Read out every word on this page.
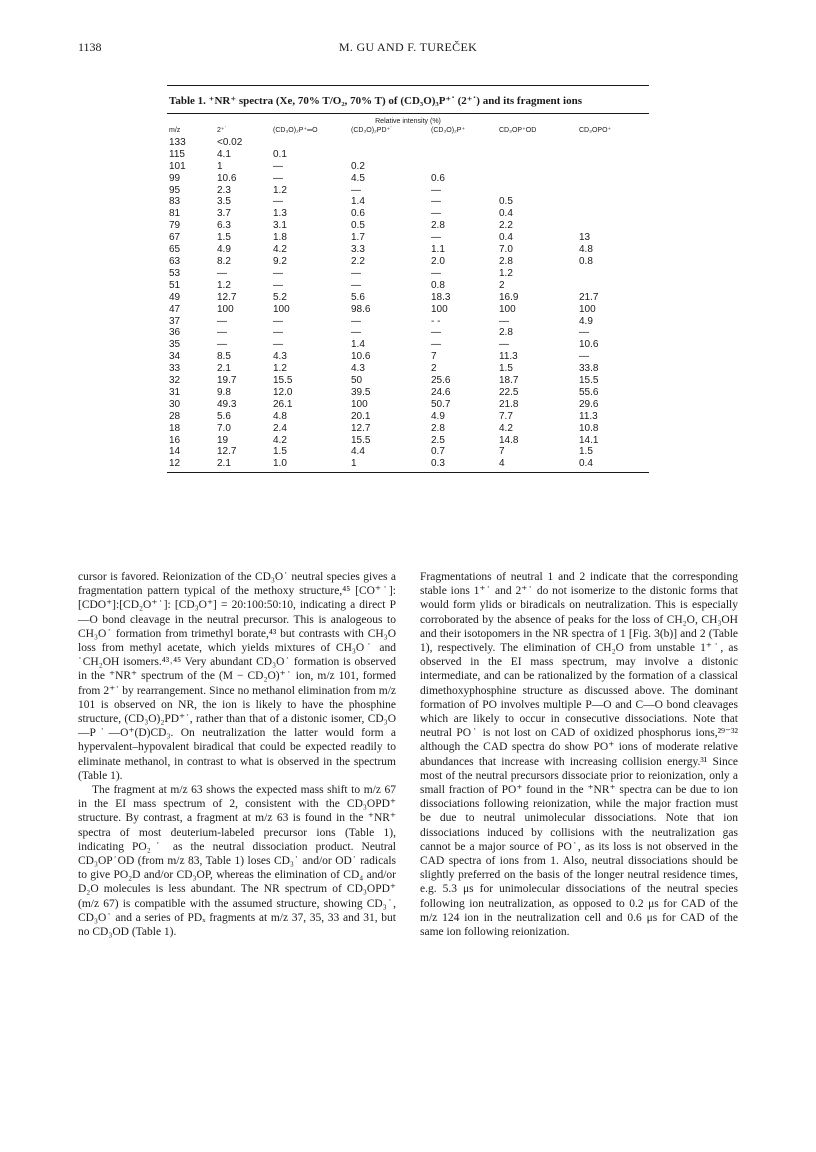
1138	M. GU AND F. TUREČEK
Table 1. ⁺NR⁺ spectra (Xe, 70% T/O₂, 70% T) of (CD₃O)₃P⁺˙ (2⁺˙) and its fragment ions
Relative intensity (%)
m/z	2⁺˙	(CD₃O)₂P⁺═O	(CD₃O)₂PD⁺˙	(CD₃O)₂P⁺	CD₃OP⁺OD	CD₃OPO⁺
133	<0.02					
115	4.1	0.1				
101	1	—	0.2			
99	10.6	—	4.5	0.6		
95	2.3	1.2	—	—		
83	3.5	—	1.4	—	0.5	
81	3.7	1.3	0.6	—	0.4	
79	6.3	3.1	0.5	2.8	2.2	
67	1.5	1.8	1.7	—	0.4	13
65	4.9	4.2	3.3	1.1	7.0	4.8
63	8.2	9.2	2.2	2.0	2.8	0.8
53	—	—	—	—	1.2	
51	1.2	—	—	0.8	2	
49	12.7	5.2	5.6	18.3	16.9	21.7
47	100	100	98.6	100	100	100
37	—	—	—	- -	—	4.9
36	—	—	—	—	2.8	—
35	—	—	1.4	—	—	10.6
34	8.5	4.3	10.6	7	11.3	—
33	2.1	1.2	4.3	2	1.5	33.8
32	19.7	15.5	50	25.6	18.7	15.5
31	9.8	12.0	39.5	24.6	22.5	55.6
30	49.3	26.1	100	50.7	21.8	29.6
28	5.6	4.8	20.1	4.9	7.7	11.3
18	7.0	2.4	12.7	2.8	4.2	10.8
16	19	4.2	15.5	2.5	14.8	14.1
14	12.7	1.5	4.4	0.7	7	1.5
12	2.1	1.0	1	0.3	4	0.4

cursor is favored. Reionization of the CD₃O˙ neutral species gives a fragmentation pattern typical of the methoxy structure,⁴⁵ [CO⁺˙]:[CDO⁺]:[CD₂O⁺˙]: [CD₃O⁺] = 20:100:50:10, indicating a direct P—O bond cleavage in the neutral precursor. This is analogeous to CH₃O˙ formation from trimethyl borate,⁴³ but contrasts with CH₃O loss from methyl acetate, which yields mixtures of CH₃O˙ and ˙CH₂OH isomers.⁴³˒⁴⁵ Very abundant CD₃O˙ formation is observed in the ⁺NR⁺ spectrum of the (M − CD₂O)⁺˙ ion, m/z 101, formed from 2⁺˙ by rearrangement. Since no methanol elimination from m/z 101 is observed on NR, the ion is likely to have the phosphine structure, (CD₃O)₂PD⁺˙, rather than that of a distonic isomer, CD₃O—P˙—O⁺(D)CD₃. On neutralization the latter would form a hypervalent–hypovalent biradical that could be expected readily to eliminate methanol, in contrast to what is observed in the spectrum (Table 1).

The fragment at m/z 63 shows the expected mass shift to m/z 67 in the EI mass spectrum of 2, consistent with the CD₃OPD⁺ structure. By contrast, a fragment at m/z 63 is found in the ⁺NR⁺ spectra of most deuterium-labeled precursor ions (Table 1), indicating PO₂˙ as the neutral dissociation product. Neutral CD₃OP˙OD (from m/z 83, Table 1) loses CD₃˙ and/or OD˙ radicals to give PO₂D and/or CD₃OP, whereas the elimination of CD₄ and/or D₂O molecules is less abundant. The NR spectrum of CD₃OPD⁺ (m/z 67) is compatible with the assumed structure, showing CD₃˙, CD₃O˙ and a series of PDₓ fragments at m/z 37, 35, 33 and 31, but no CD₃OD (Table 1).

Fragmentations of neutral 1 and 2 indicate that the corresponding stable ions 1⁺˙ and 2⁺˙ do not isomerize to the distonic forms that would form ylids or biradicals on neutralization. This is especially corroborated by the absence of peaks for the loss of CH₂O, CH₃OH and their isotopomers in the NR spectra of 1 [Fig. 3(b)] and 2 (Table 1), respectively. The elimination of CH₂O from unstable 1⁺˙, as observed in the EI mass spectrum, may involve a distonic intermediate, and can be rationalized by the formation of a classical dimethoxyphosphine structure as discussed above. The dominant formation of PO involves multiple P—O and C—O bond cleavages which are likely to occur in consecutive dissociations. Note that neutral PO˙ is not lost on CAD of oxidized phosphorus ions,²⁹⁻³² although the CAD spectra do show PO⁺ ions of moderate relative abundances that increase with increasing collision energy.³¹ Since most of the neutral precursors dissociate prior to reionization, only a small fraction of PO⁺ found in the ⁺NR⁺ spectra can be due to ion dissociations following reionization, while the major fraction must be due to neutral unimolecular dissociations. Note that ion dissociations induced by collisions with the neutralization gas cannot be a major source of PO˙, as its loss is not observed in the CAD spectra of ions from 1. Also, neutral dissociations should be slightly preferred on the basis of the longer neutral residence times, e.g. 5.3 μs for unimolecular dissociations of the neutral species following ion neutralization, as opposed to 0.2 μs for CAD of the m/z 124 ion in the neutralization cell and 0.6 μs for CAD of the same ion following reionization.
